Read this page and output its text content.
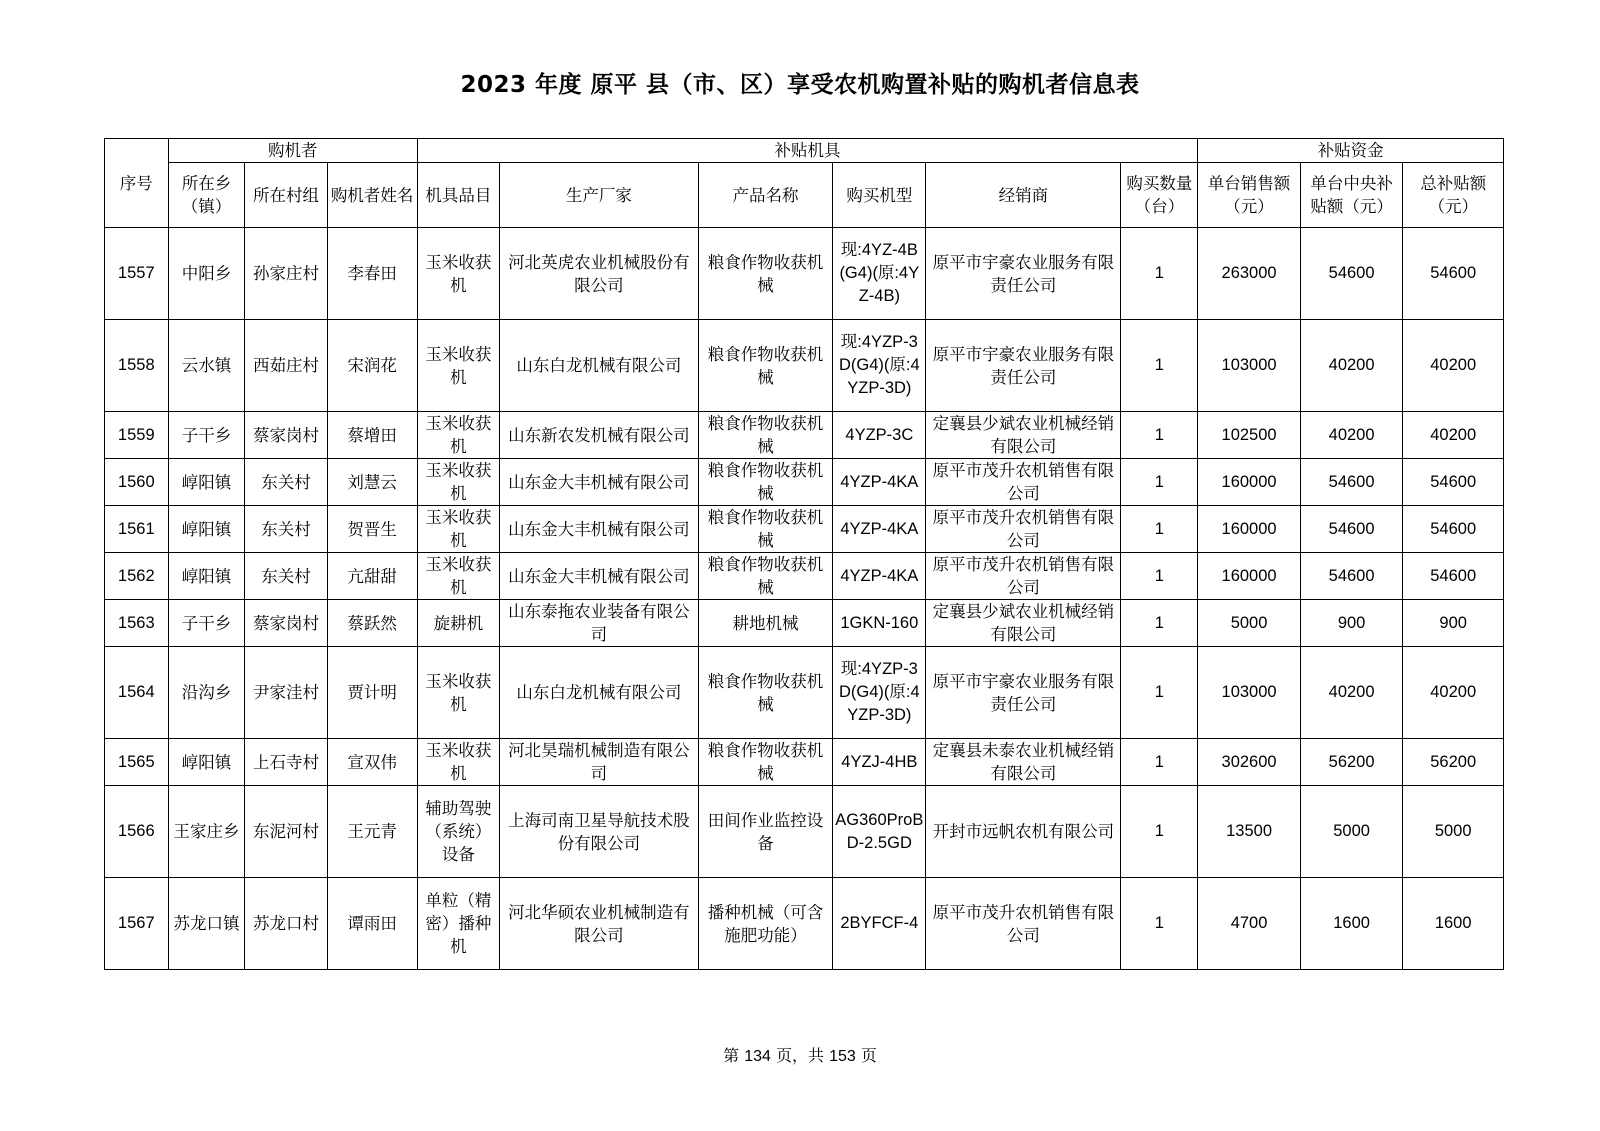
2023 年度 原平 县（市、区）享受农机购置补贴的购机者信息表
序号	购机者			补贴机具						补贴资金		
	所在乡（镇）	所在村组	购机者姓名	机具品目	生产厂家	产品名称	购买机型	经销商	购买数量（台）	单台销售额（元）	单台中央补贴额（元）	总补贴额（元）
1557	中阳乡	孙家庄村	李春田	玉米收获机	河北英虎农业机械股份有限公司	粮食作物收获机械	现:4YZ-4B(G4)(原:4YZ-4B)	原平市宇豪农业服务有限责任公司	1	263000	54600	54600
1558	云水镇	西茹庄村	宋润花	玉米收获机	山东白龙机械有限公司	粮食作物收获机械	现:4YZP-3D(G4)(原:4YZP-3D)	原平市宇豪农业服务有限责任公司	1	103000	40200	40200
1559	子干乡	蔡家岗村	蔡增田	玉米收获机	山东新农发机械有限公司	粮食作物收获机械	4YZP-3C	定襄县少斌农业机械经销有限公司	1	102500	40200	40200
1560	崞阳镇	东关村	刘慧云	玉米收获机	山东金大丰机械有限公司	粮食作物收获机械	4YZP-4KA	原平市茂升农机销售有限公司	1	160000	54600	54600
1561	崞阳镇	东关村	贺晋生	玉米收获机	山东金大丰机械有限公司	粮食作物收获机械	4YZP-4KA	原平市茂升农机销售有限公司	1	160000	54600	54600
1562	崞阳镇	东关村	亢甜甜	玉米收获机	山东金大丰机械有限公司	粮食作物收获机械	4YZP-4KA	原平市茂升农机销售有限公司	1	160000	54600	54600
1563	子干乡	蔡家岗村	蔡跃然	旋耕机	山东泰拖农业装备有限公司	耕地机械	1GKN-160	定襄县少斌农业机械经销有限公司	1	5000	900	900
1564	沿沟乡	尹家洼村	贾计明	玉米收获机	山东白龙机械有限公司	粮食作物收获机械	现:4YZP-3D(G4)(原:4YZP-3D)	原平市宇豪农业服务有限责任公司	1	103000	40200	40200
1565	崞阳镇	上石寺村	宣双伟	玉米收获机	河北昊瑞机械制造有限公司	粮食作物收获机械	4YZJ-4HB	定襄县未泰农业机械经销有限公司	1	302600	56200	56200
1566	王家庄乡	东泥河村	王元青	辅助驾驶（系统）设备	上海司南卫星导航技术股份有限公司	田间作业监控设备	AG360ProBD-2.5GD	开封市远帆农机有限公司	1	13500	5000	5000
1567	苏龙口镇	苏龙口村	谭雨田	单粒（精密）播种机	河北华硕农业机械制造有限公司	播种机械（可含施肥功能）	2BYFCF-4	原平市茂升农机销售有限公司	1	4700	1600	1600
第 134 页，共 153 页
